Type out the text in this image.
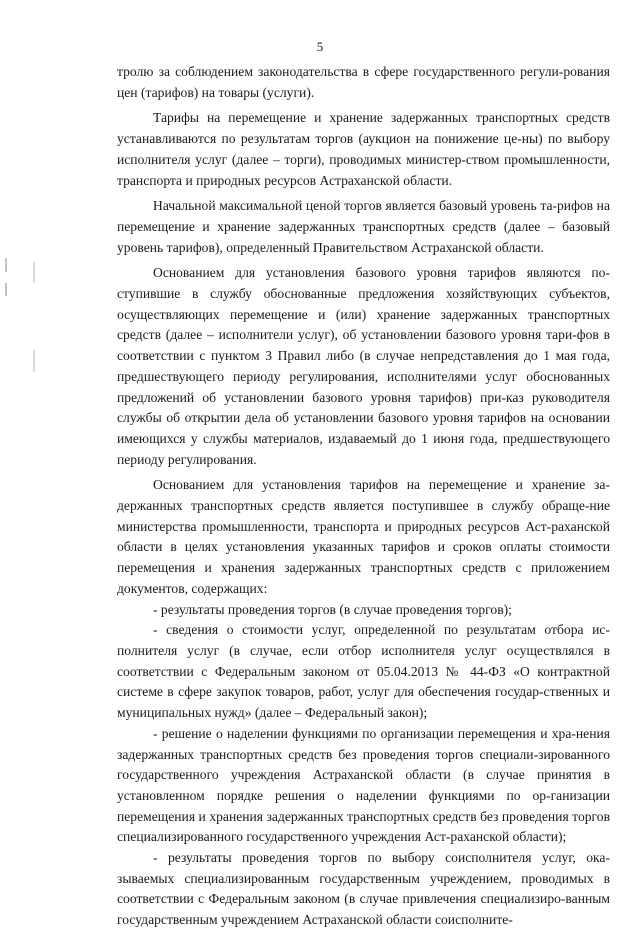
5

тролю за соблюдением законодательства в сфере государственного регули-рования цен (тарифов) на товары (услуги).

Тарифы на перемещение и хранение задержанных транспортных средств устанавливаются по результатам торгов (аукцион на понижение це-ны) по выбору исполнителя услуг (далее – торги), проводимых министер-ством промышленности, транспорта и природных ресурсов Астраханской области.

Начальной максимальной ценой торгов является базовый уровень та-рифов на перемещение и хранение задержанных транспортных средств (далее – базовый уровень тарифов), определенный Правительством Астраханской области.

Основанием для установления базового уровня тарифов являются по-ступившие в службу обоснованные предложения хозяйствующих субъектов, осуществляющих перемещение и (или) хранение задержанных транспортных средств (далее – исполнители услуг), об установлении базового уровня тари-фов в соответствии с пунктом 3 Правил либо (в случае непредставления до 1 мая года, предшествующего периоду регулирования, исполнителями услуг обоснованных предложений об установлении базового уровня тарифов) при-каз руководителя службы об открытии дела об установлении базового уровня тарифов на основании имеющихся у службы материалов, издаваемый до 1 июня года, предшествующего периоду регулирования.

Основанием для установления тарифов на перемещение и хранение за-держанных транспортных средств является поступившее в службу обраще-ние министерства промышленности, транспорта и природных ресурсов Аст-раханской области в целях установления указанных тарифов и сроков оплаты стоимости перемещения и хранения задержанных транспортных средств с приложением документов, содержащих:

- результаты проведения торгов (в случае проведения торгов);

- сведения о стоимости услуг, определенной по результатам отбора ис-полнителя услуг (в случае, если отбор исполнителя услуг осуществлялся в соответствии с Федеральным законом от 05.04.2013 № 44-ФЗ «О контрактной системе в сфере закупок товаров, работ, услуг для обеспечения государ-ственных и муниципальных нужд» (далее – Федеральный закон);

- решение о наделении функциями по организации перемещения и хра-нения задержанных транспортных средств без проведения торгов специали-зированного государственного учреждения Астраханской области (в случае принятия в установленном порядке решения о наделении функциями по ор-ганизации перемещения и хранения задержанных транспортных средств без проведения торгов специализированного государственного учреждения Аст-раханской области);

- результаты проведения торгов по выбору соисполнителя услуг, ока-зываемых специализированным государственным учреждением, проводимых в соответствии с Федеральным законом (в случае привлечения специализиро-ванным государственным учреждением Астраханской области соисполните-
